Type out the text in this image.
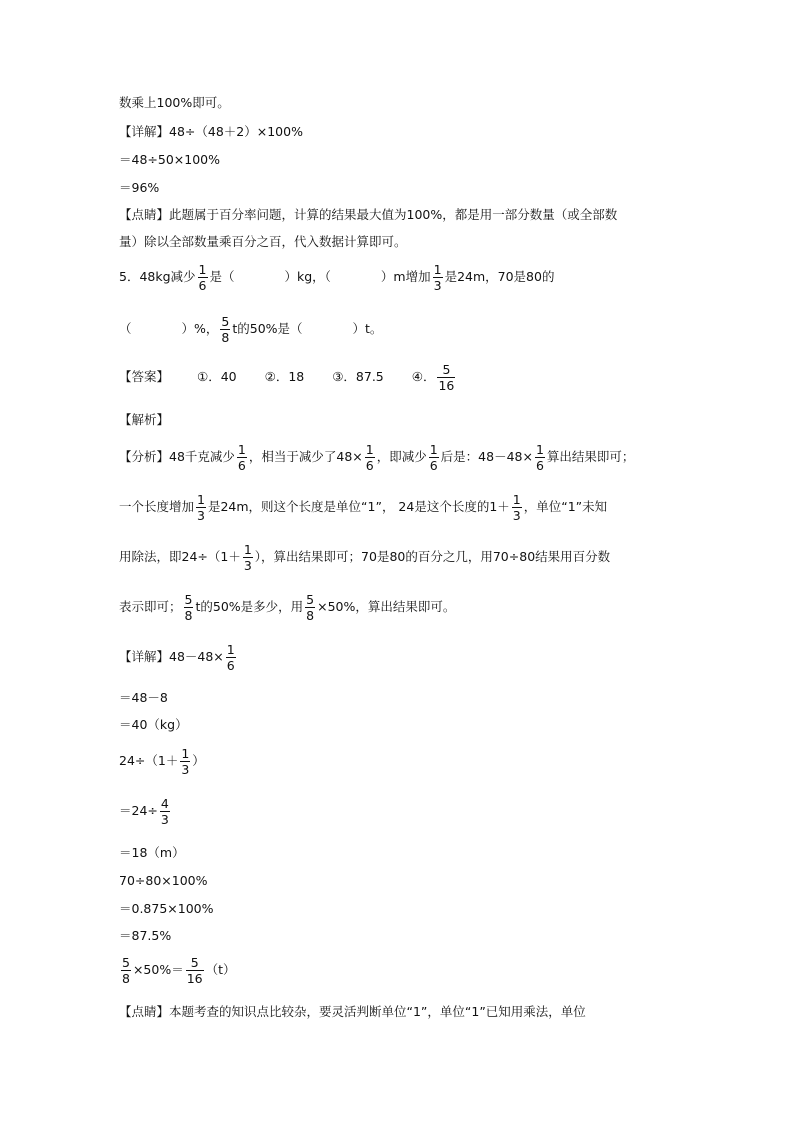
数乘上100%即可。
【详解】48÷（48＋2）×100%
＝48÷50×100%
＝96%
【点睛】此题属于百分率问题，计算的结果最大值为100%，都是用一部分数量（或全部数
量）除以全部数量乘百分之百，代入数据计算即可。
5．48kg减少 $\frac{1}{6}$ 是（　　　　）kg，（　　　　）m增加 $\frac{1}{3}$ 是24m，70是80的
（　　　　）%， $\frac{5}{8}$ t的50%是（　　　　）t。
【答案】 ①．40 ②．18 ③．87.5 ④． $\frac{5}{16}$
【解析】
【分析】48千克减少 $\frac{1}{6}$ ，相当于减少了$48\times \frac{1}{6}$ ，即减少 $\frac{1}{6}$ 后是：$48-48\times \frac{1}{6}$ 算出结果即可；
一个长度增加 $\frac{1}{3}$ 是24m，则这个长度是单位“1”， 24是这个长度的$1+ \frac{1}{3}$ ，单位“1”未知
用除法，即$24\div(1+ \frac{1}{3}$ ），算出结果即可；70是80的百分之几，用70÷80结果用百分数
表示即可； $\frac{5}{8}$ t的50%是多少，用 $\frac{5}{8} \times 50\%$，算出结果即可。
【详解】$48-48\times \frac{1}{6}$
＝48－8
＝40（kg）
$24\div(1+ \frac{1}{3}$ ）
$=24\div \frac{4}{3}$
＝18（m）
70÷80×100%
＝0.875×100%
＝87.5%
$\frac{5}{8} \times 50\%= \frac{5}{16} (t)$
【点睛】本题考查的知识点比较杂，要灵活判断单位“1”，单位“1”已知用乘法，单位
